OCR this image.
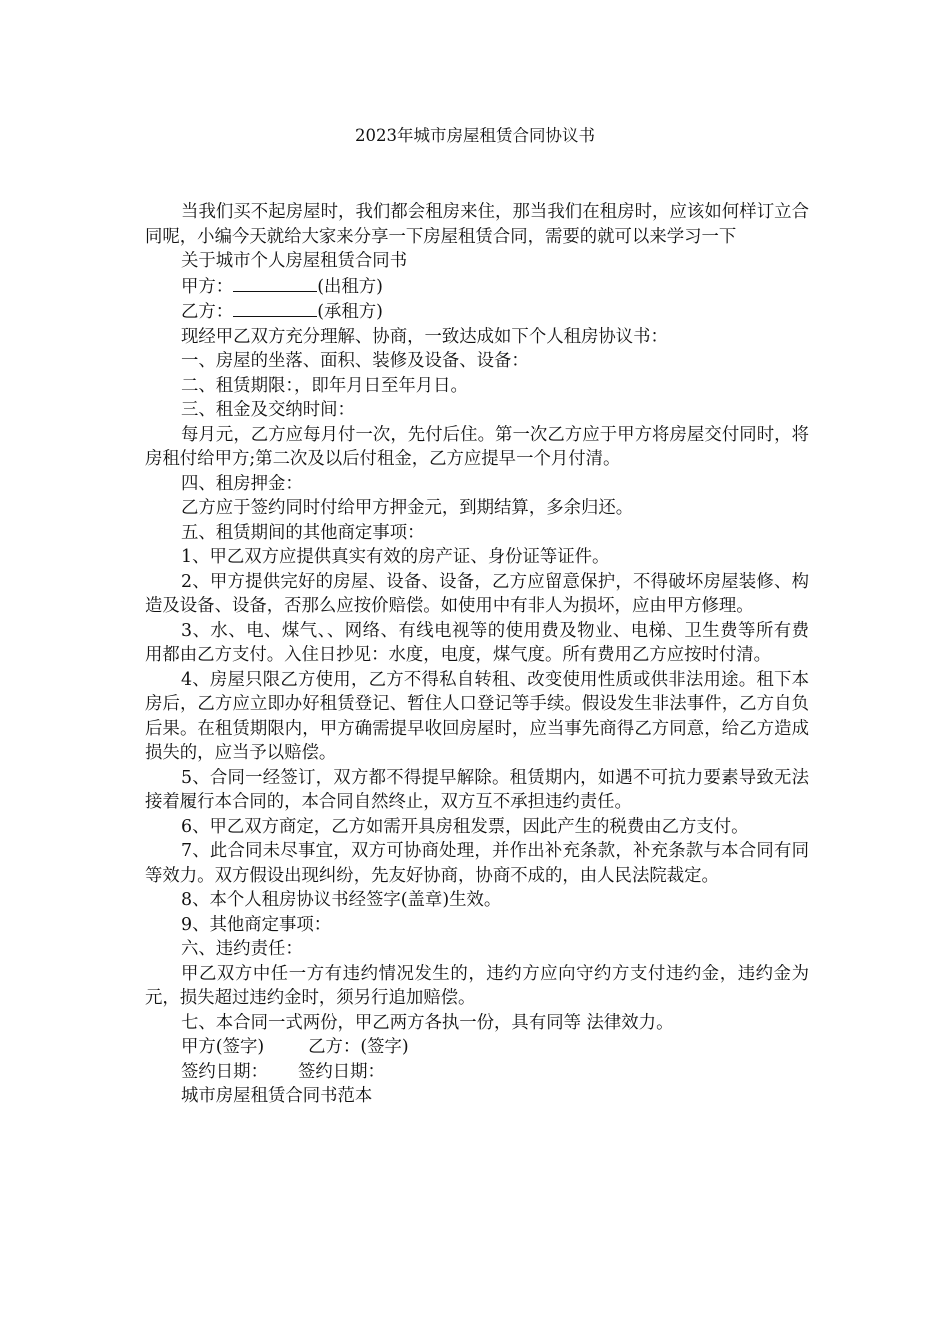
2023年城市房屋租赁合同协议书

当我们买不起房屋时，我们都会租房来住，那当我们在租房时，应该如何样订立合同呢，小编今天就给大家来分享一下房屋租赁合同，需要的就可以来学习一下

关于城市个人房屋租赁合同书

甲方：	(出租方)

乙方：	(承租方)

现经甲乙双方充分理解、协商，一致达成如下个人租房协议书：

一、房屋的坐落、面积、装修及设备、设备：

二、租赁期限：，即年月日至年月日。

三、租金及交纳时间：

每月元，乙方应每月付一次，先付后住。第一次乙方应于甲方将房屋交付同时，将房租付给甲方;第二次及以后付租金，乙方应提早一个月付清。

四、租房押金：

乙方应于签约同时付给甲方押金元，到期结算，多余归还。

五、租赁期间的其他商定事项：

1、甲乙双方应提供真实有效的房产证、身份证等证件。

2、甲方提供完好的房屋、设备、设备，乙方应留意保护，不得破坏房屋装修、构造及设备、设备，否那么应按价赔偿。如使用中有非人为损坏，应由甲方修理。

3、水、电、煤气、、网络、有线电视等的使用费及物业、电梯、卫生费等所有费用都由乙方支付。入住日抄见：水度，电度，煤气度。所有费用乙方应按时付清。

4、房屋只限乙方使用，乙方不得私自转租、改变使用性质或供非法用途。租下本房后，乙方应立即办好租赁登记、暂住人口登记等手续。假设发生非法事件，乙方自负后果。在租赁期限内，甲方确需提早收回房屋时，应当事先商得乙方同意，给乙方造成损失的，应当予以赔偿。

5、合同一经签订，双方都不得提早解除。租赁期内，如遇不可抗力要素导致无法接着履行本合同的，本合同自然终止，双方互不承担违约责任。

6、甲乙双方商定，乙方如需开具房租发票，因此产生的税费由乙方支付。

7、此合同未尽事宜，双方可协商处理，并作出补充条款，补充条款与本合同有同等效力。双方假设出现纠纷，先友好协商，协商不成的，由人民法院裁定。

8、本个人租房协议书经签字(盖章)生效。

9、其他商定事项：

六、违约责任：

甲乙双方中任一方有违约情况发生的，违约方应向守约方支付违约金，违约金为元，损失超过违约金时，须另行追加赔偿。

七、本合同一式两份，甲乙两方各执一份，具有同等 法律效力。

甲方(签字)	乙方：(签字)

签约日期： 签约日期：

城市房屋租赁合同书范本
